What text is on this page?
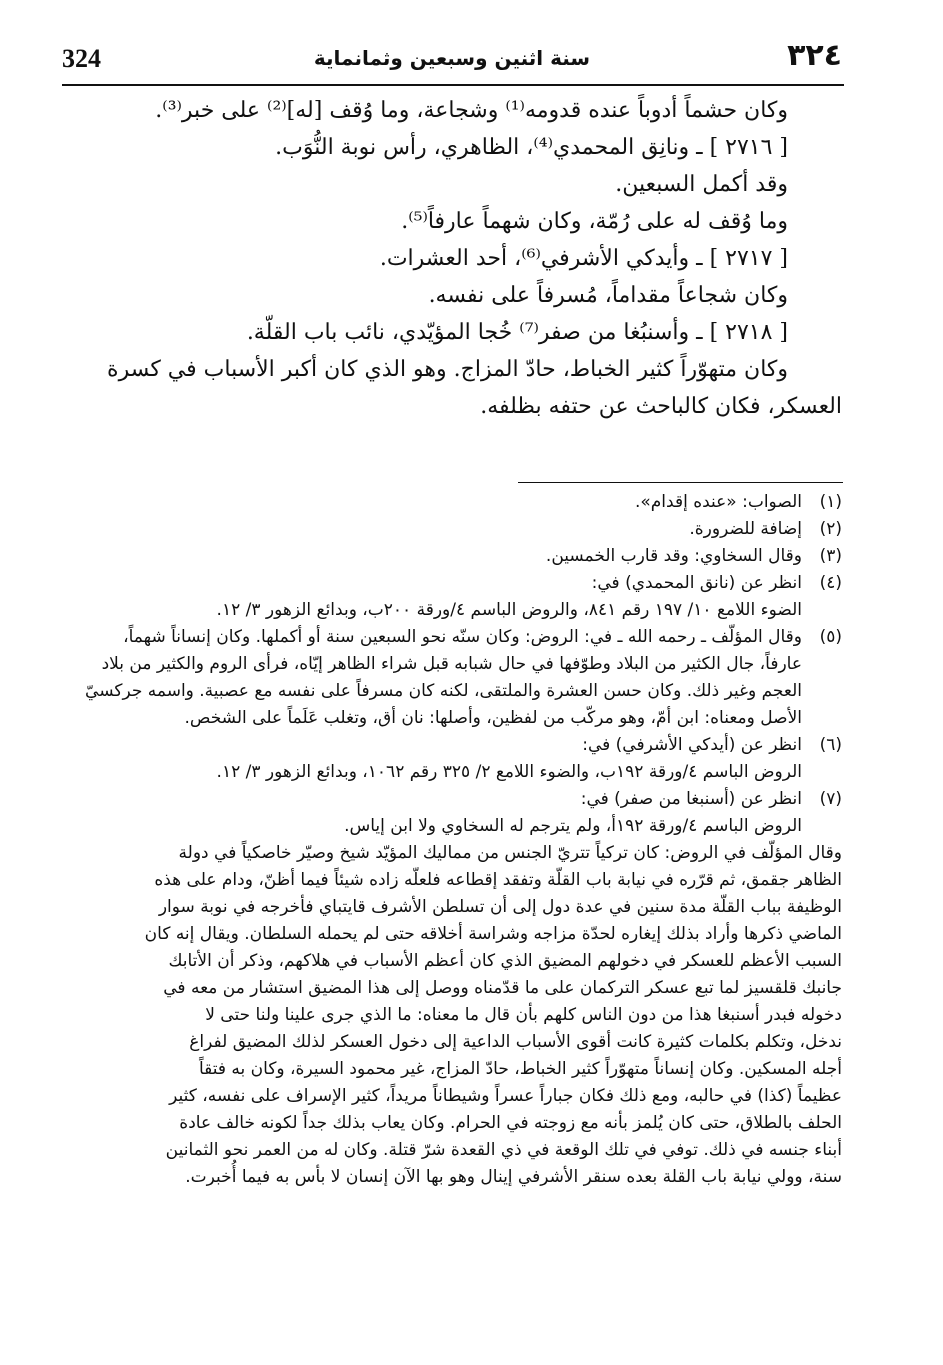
324	سنة اثنين وسبعين وثمانماية	٣٢٤

وكان حشماً أدوباً عنده قدومه⁽¹⁾ وشجاعة، وما وُقف [له]⁽²⁾ على خبر⁽³⁾.

[ ٢٧١٦ ] ـ ونانِق المحمدي⁽⁴⁾، الظاهري، رأس نوبة النُّوَب.

وقد أكمل السبعين.

وما وُقف له على رُمّة، وكان شهماً عارفاً⁽⁵⁾.

[ ٢٧١٧ ] ـ وأيدكي الأشرفي⁽⁶⁾، أحد العشرات.

وكان شجاعاً مقداماً، مُسرفاً على نفسه.

[ ٢٧١٨ ] ـ وأسنبُغا من صفر⁽⁷⁾ خُجا المؤيّدي، نائب باب القلّة.

وكان متهوّراً كثير الخباط، حادّ المزاج. وهو الذي كان أكبر الأسباب في كسرة

العسكر، فكان كالباحث عن حتفه بظلفه.

(١)
الصواب: «عنده إقدام».
(٢)
إضافة للضرورة.
(٣)
وقال السخاوي: وقد قارب الخمسين.
(٤)
انظر عن (نانق المحمدي) في:
الضوء اللامع ١٠/ ١٩٧ رقم ٨٤١، والروض الباسم ٤/ورقة ٢٠٠ب، وبدائع الزهور ٣/ ١٢.
(٥)
وقال المؤلّف ـ رحمه الله ـ في: الروض: وكان سنّه نحو السبعين سنة أو أكملها. وكان إنساناً شهماً،
عارفاً، جال الكثير من البلاد وطوّفها في حال شبابه قبل شراء الظاهر إيّاه، فرأى الروم والكثير من بلاد
العجم وغير ذلك. وكان حسن العشرة والملتقى، لكنه كان مسرفاً على نفسه مع عصبية. واسمه جركسيّ
الأصل ومعناه: ابن أمّ، وهو مركّب من لفظين، وأصلها: نان أق، وتغلب عَلَماً على الشخص.
(٦)
انظر عن (أيدكي الأشرفي) في:
الروض الباسم ٤/ورقة ١٩٢ب، والضوء اللامع ٢/ ٣٢٥ رقم ١٠٦٢، وبدائع الزهور ٣/ ١٢.
(٧)
انظر عن (أسنبغا من صفر) في:
الروض الباسم ٤/ورقة ١٩٢أ، ولم يترجم له السخاوي ولا ابن إياس.
وقال المؤلّف في الروض: كان تركياً تتريّ الجنس من مماليك المؤيّد شيخ وصيّر خاصكياً في دولة
الظاهر جقمق، ثم قرّره في نيابة باب القلّة وتفقد إقطاعه فلعلّه زاده شيئاً فيما أظنّ، ودام على هذه
الوظيفة بباب القلّة مدة سنين في عدة دول إلى أن تسلطن الأشرف قايتباي فأخرجه في نوبة سوار
الماضي ذكرها وأراد بذلك إيغاره لحدّة مزاجه وشراسة أخلاقه حتى لم يحمله السلطان. ويقال إنه كان
السبب الأعظم للعسكر في دخولهم المضيق الذي كان أعظم الأسباب في هلاكهم، وذكر أن الأتابك
جانبك قلقسيز لما تبع عسكر التركمان على ما قدّمناه ووصل إلى هذا المضيق استشار من معه في
دخوله فبدر أسنبغا هذا من دون الناس كلهم بأن قال ما معناه: ما الذي جرى علينا ولنا حتى لا
ندخل، وتكلم بكلمات كثيرة كانت أقوى الأسباب الداعية إلى دخول العسكر لذلك المضيق لفراغ
أجله المسكين. وكان إنساناً متهوّراً كثير الخباط، حادّ المزاج، غير محمود السيرة، وكان به فتقاً
عظيماً (كذا) في حالبه، ومع ذلك فكان جباراً عسراً وشيطاناً مريداً، كثير الإسراف على نفسه، كثير
الحلف بالطلاق، حتى كان يُلمز بأنه مع زوجته في الحرام. وكان يعاب بذلك جداً لكونه خالف عادة
أبناء جنسه في ذلك. توفي في تلك الوقعة في ذي القعدة شرّ قتلة. وكان له من العمر نحو الثمانين
سنة، وولي نيابة باب القلة بعده سنقر الأشرفي إينال وهو بها الآن إنسان لا بأس به فيما أُخبرت.
